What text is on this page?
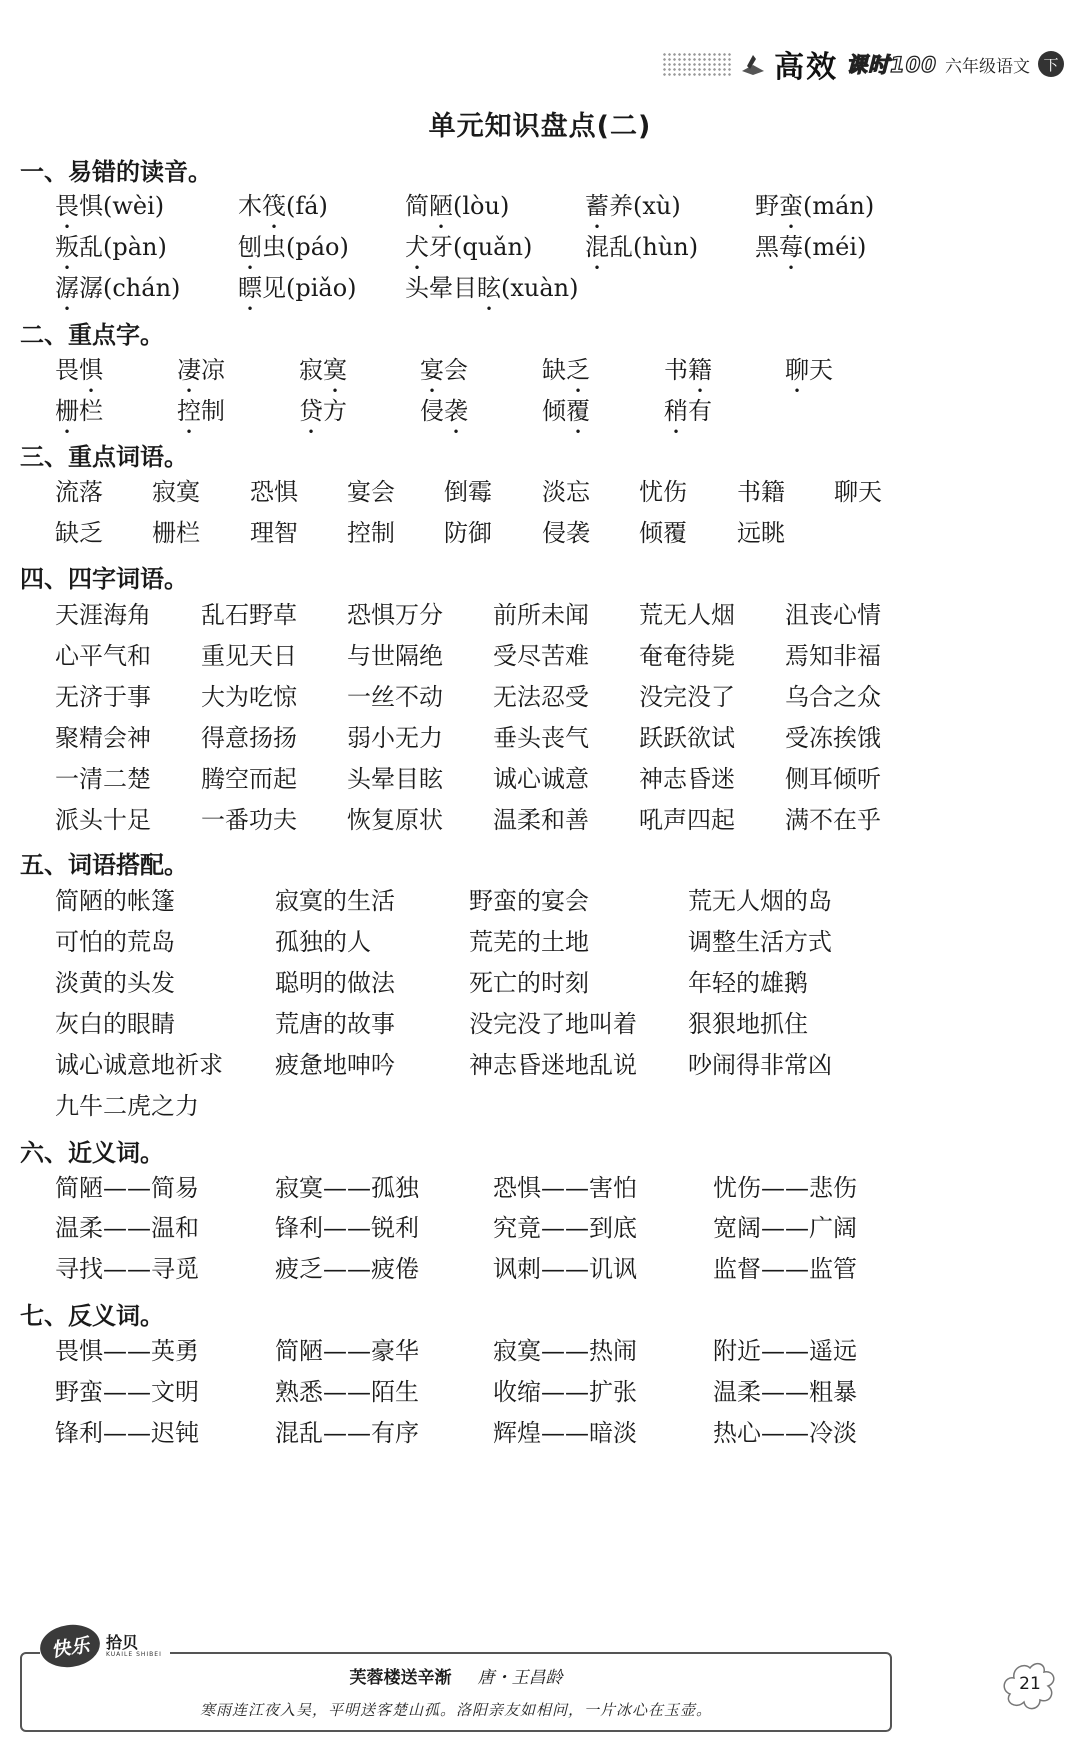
高效 课时100 六年级语文 下
单元知识盘点(二)
一、易错的读音。
畏惧(wèi)	木筏(fá)	简陋(lòu)	蓄养(xù)	野蛮(mán)
叛乱(pàn)	刨虫(páo) 犬牙(quǎn) 混乱(hùn) 黑莓(méi)
潺潺(chán) 瞟见(piǎo) 头晕目眩(xuàn)
二、重点字。
畏惧	凄凉	寂寞	宴会	缺乏	书籍	聊天
栅栏	控制	贷方	侵袭	倾覆	稍有
三、重点词语。
流落 寂寞 恐惧 宴会 倒霉 淡忘 忧伤 书籍 聊天
缺乏 栅栏 理智 控制 防御 侵袭 倾覆 远眺
四、四字词语。
天涯海角 乱石野草 恐惧万分 前所未闻 荒无人烟 沮丧心情
心平气和 重见天日 与世隔绝 受尽苦难 奄奄待毙 焉知非福
无济于事 大为吃惊 一丝不动 无法忍受 没完没了 乌合之众
聚精会神 得意扬扬 弱小无力 垂头丧气 跃跃欲试 受冻挨饿
一清二楚 腾空而起 头晕目眩 诚心诚意 神志昏迷 侧耳倾听
派头十足 一番功夫 恢复原状 温柔和善 吼声四起 满不在乎
五、词语搭配。
简陋的帐篷	寂寞的生活	野蛮的宴会	荒无人烟的岛
可怕的荒岛	孤独的人	荒芜的土地	调整生活方式
淡黄的头发	聪明的做法	死亡的时刻	年轻的雄鹅
灰白的眼睛	荒唐的故事	没完没了地叫着 狠狠地抓住
诚心诚意地祈求 疲惫地呻吟	神志昏迷地乱说 吵闹得非常凶
九牛二虎之力
六、近义词。
简陋——简易	寂寞——孤独	恐惧——害怕	忧伤——悲伤
温柔——温和	锋利——锐利	究竟——到底	宽阔——广阔
寻找——寻觅	疲乏——疲倦	讽刺——讥讽	监督——监管
七、反义词。
畏惧——英勇	简陋——豪华	寂寞——热闹	附近——遥远
野蛮——文明	熟悉——陌生	收缩——扩张	温柔——粗暴
锋利——迟钝	混乱——有序	辉煌——暗淡	热心——冷淡
快乐 拾贝
KUAILE SHIBEI
芙蓉楼送辛渐 唐・王昌龄
寒雨连江夜入吴，平明送客楚山孤。洛阳亲友如相问，一片冰心在玉壶。
21
